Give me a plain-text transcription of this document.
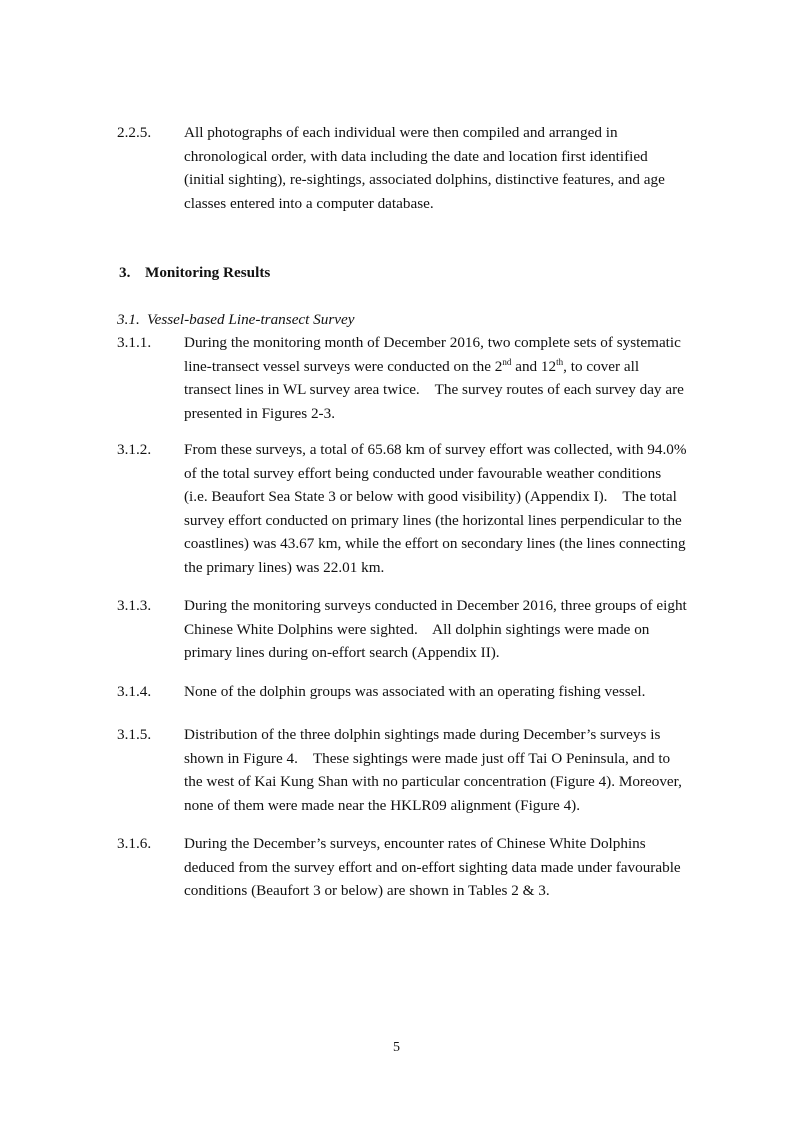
2.2.5. All photographs of each individual were then compiled and arranged in chronological order, with data including the date and location first identified (initial sighting), re-sightings, associated dolphins, distinctive features, and age classes entered into a computer database.
3. Monitoring Results
3.1. Vessel-based Line-transect Survey
3.1.1. During the monitoring month of December 2016, two complete sets of systematic line-transect vessel surveys were conducted on the 2nd and 12th, to cover all transect lines in WL survey area twice.    The survey routes of each survey day are presented in Figures 2-3.
3.1.2. From these surveys, a total of 65.68 km of survey effort was collected, with 94.0% of the total survey effort being conducted under favourable weather conditions (i.e. Beaufort Sea State 3 or below with good visibility) (Appendix I).    The total survey effort conducted on primary lines (the horizontal lines perpendicular to the coastlines) was 43.67 km, while the effort on secondary lines (the lines connecting the primary lines) was 22.01 km.
3.1.3. During the monitoring surveys conducted in December 2016, three groups of eight Chinese White Dolphins were sighted.    All dolphin sightings were made on primary lines during on-effort search (Appendix II).
3.1.4. None of the dolphin groups was associated with an operating fishing vessel.
3.1.5. Distribution of the three dolphin sightings made during December’s surveys is shown in Figure 4.    These sightings were made just off Tai O Peninsula, and to the west of Kai Kung Shan with no particular concentration (Figure 4). Moreover, none of them were made near the HKLR09 alignment (Figure 4).
3.1.6. During the December’s surveys, encounter rates of Chinese White Dolphins deduced from the survey effort and on-effort sighting data made under favourable conditions (Beaufort 3 or below) are shown in Tables 2 & 3.
5
